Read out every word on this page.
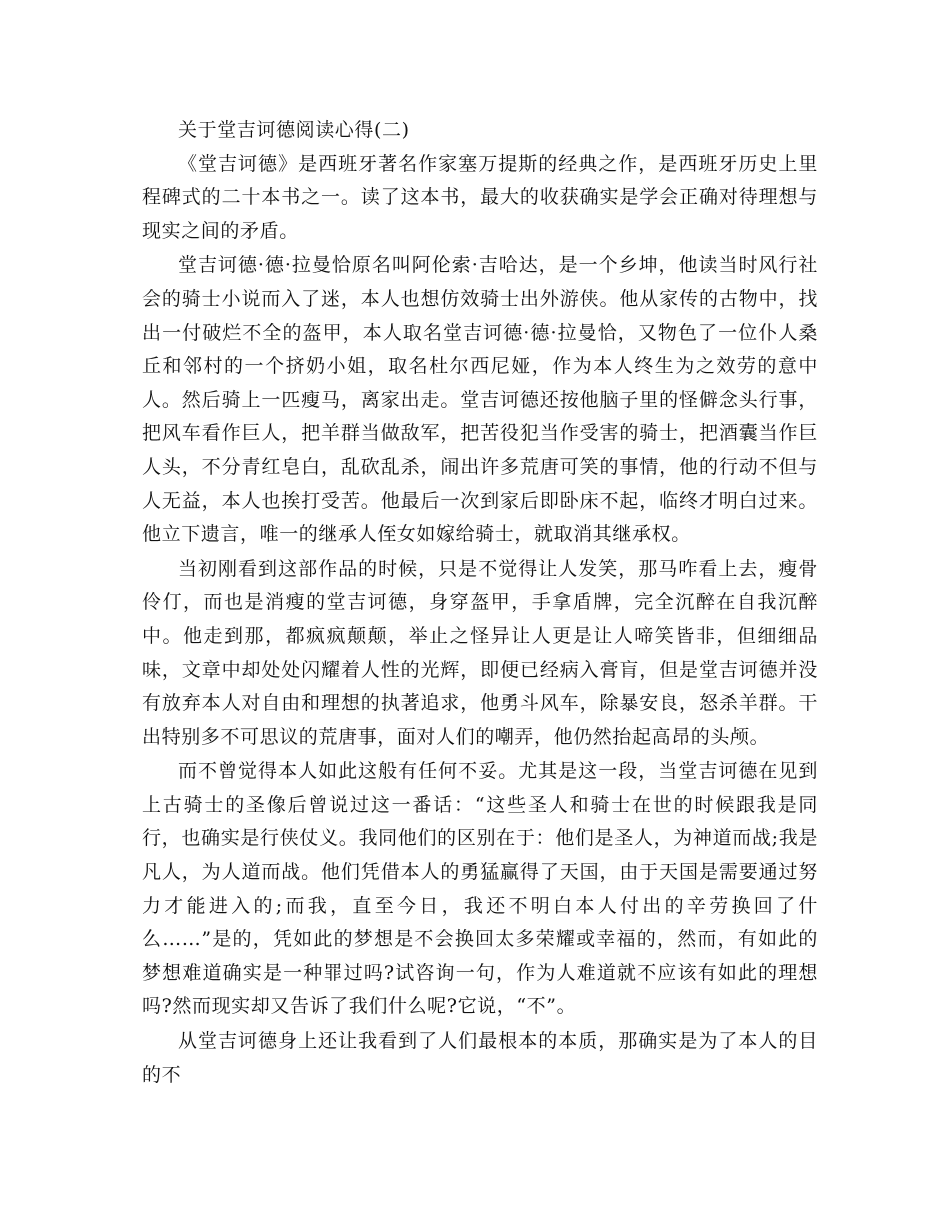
关于堂吉诃德阅读心得(二)

《堂吉诃德》是西班牙著名作家塞万提斯的经典之作，是西班牙历史上里程碑式的二十本书之一。读了这本书，最大的收获确实是学会正确对待理想与现实之间的矛盾。

堂吉诃德·德·拉曼恰原名叫阿伦索·吉哈达，是一个乡坤，他读当时风行社会的骑士小说而入了迷，本人也想仿效骑士出外游侠。他从家传的古物中，找出一付破烂不全的盔甲，本人取名堂吉诃德·德·拉曼恰，又物色了一位仆人桑丘和邻村的一个挤奶小姐，取名杜尔西尼娅，作为本人终生为之效劳的意中人。然后骑上一匹瘦马，离家出走。堂吉诃德还按他脑子里的怪僻念头行事，把风车看作巨人，把羊群当做敌军，把苦役犯当作受害的骑士，把酒囊当作巨人头，不分青红皂白，乱砍乱杀，闹出许多荒唐可笑的事情，他的行动不但与人无益，本人也挨打受苦。他最后一次到家后即卧床不起，临终才明白过来。他立下遗言，唯一的继承人侄女如嫁给骑士，就取消其继承权。

当初刚看到这部作品的时候，只是不觉得让人发笑，那马咋看上去，瘦骨伶仃，而也是消瘦的堂吉诃德，身穿盔甲，手拿盾牌，完全沉醉在自我沉醉中。他走到那，都疯疯颠颠，举止之怪异让人更是让人啼笑皆非，但细细品味，文章中却处处闪耀着人性的光辉，即便已经病入膏肓，但是堂吉诃德并没有放弃本人对自由和理想的执著追求，他勇斗风车，除暴安良，怒杀羊群。干出特别多不可思议的荒唐事，面对人们的嘲弄，他仍然抬起高昂的头颅。

而不曾觉得本人如此这般有任何不妥。尤其是这一段，当堂吉诃德在见到上古骑士的圣像后曾说过这一番话：“这些圣人和骑士在世的时候跟我是同行，也确实是行侠仗义。我同他们的区别在于：他们是圣人，为神道而战;我是凡人，为人道而战。他们凭借本人的勇猛赢得了天国，由于天国是需要通过努力才能进入的;而我，直至今日，我还不明白本人付出的辛劳换回了什么……”是的，凭如此的梦想是不会换回太多荣耀或幸福的，然而，有如此的梦想难道确实是一种罪过吗?试咨询一句，作为人难道就不应该有如此的理想吗?然而现实却又告诉了我们什么呢?它说，“不”。

从堂吉诃德身上还让我看到了人们最根本的本质，那确实是为了本人的目的不
